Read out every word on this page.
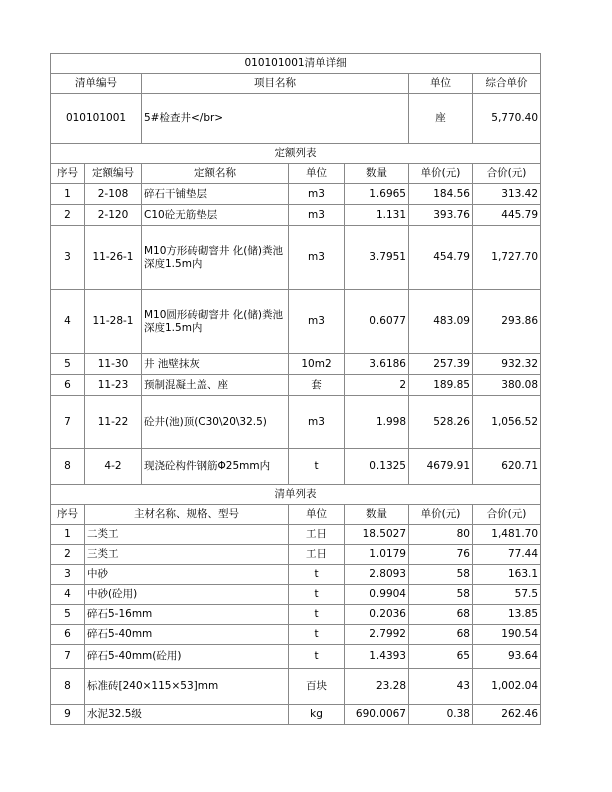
010101001清单详细						
清单编号		项目名称			单位	综合单价
010101001		5#检查井</br>			座	5,770.40
定额列表						
序号	定额编号	定额名称	单位	数量	单价(元)	合价(元)
1	2-108	碎石干铺垫层	m3	1.6965	184.56	313.42
2	2-120	C10砼无筋垫层	m3	1.131	393.76	445.79
3	11-26-1	M10方形砖砌窨井 化(储)粪池深度1.5m内	m3	3.7951	454.79	1,727.70
4	11-28-1	M10圆形砖砌窨井 化(储)粪池深度1.5m内	m3	0.6077	483.09	293.86
5	11-30	井 池壁抹灰	10m2	3.6186	257.39	932.32
6	11-23	预制混凝土盖、座	套	2	189.85	380.08
7	11-22	砼井(池)顶(C30\20\32.5)	m3	1.998	528.26	1,056.52
8	4-2	现浇砼构件钢筋Φ25mm内	t	0.1325	4679.91	620.71
清单列表					
序号	主材名称、规格、型号	单位	数量	单价(元)	合价(元)
1	二类工	工日	18.5027	80	1,481.70
2	三类工	工日	1.0179	76	77.44
3	中砂	t	2.8093	58	163.1
4	中砂(砼用)	t	0.9904	58	57.5
5	碎石5-16mm	t	0.2036	68	13.85
6	碎石5-40mm	t	2.7992	68	190.54
7	碎石5-40mm(砼用)	t	1.4393	65	93.64
8	标准砖[240×115×53]mm	百块	23.28	43	1,002.04
9	水泥32.5级	kg	690.0067	0.38	262.46
